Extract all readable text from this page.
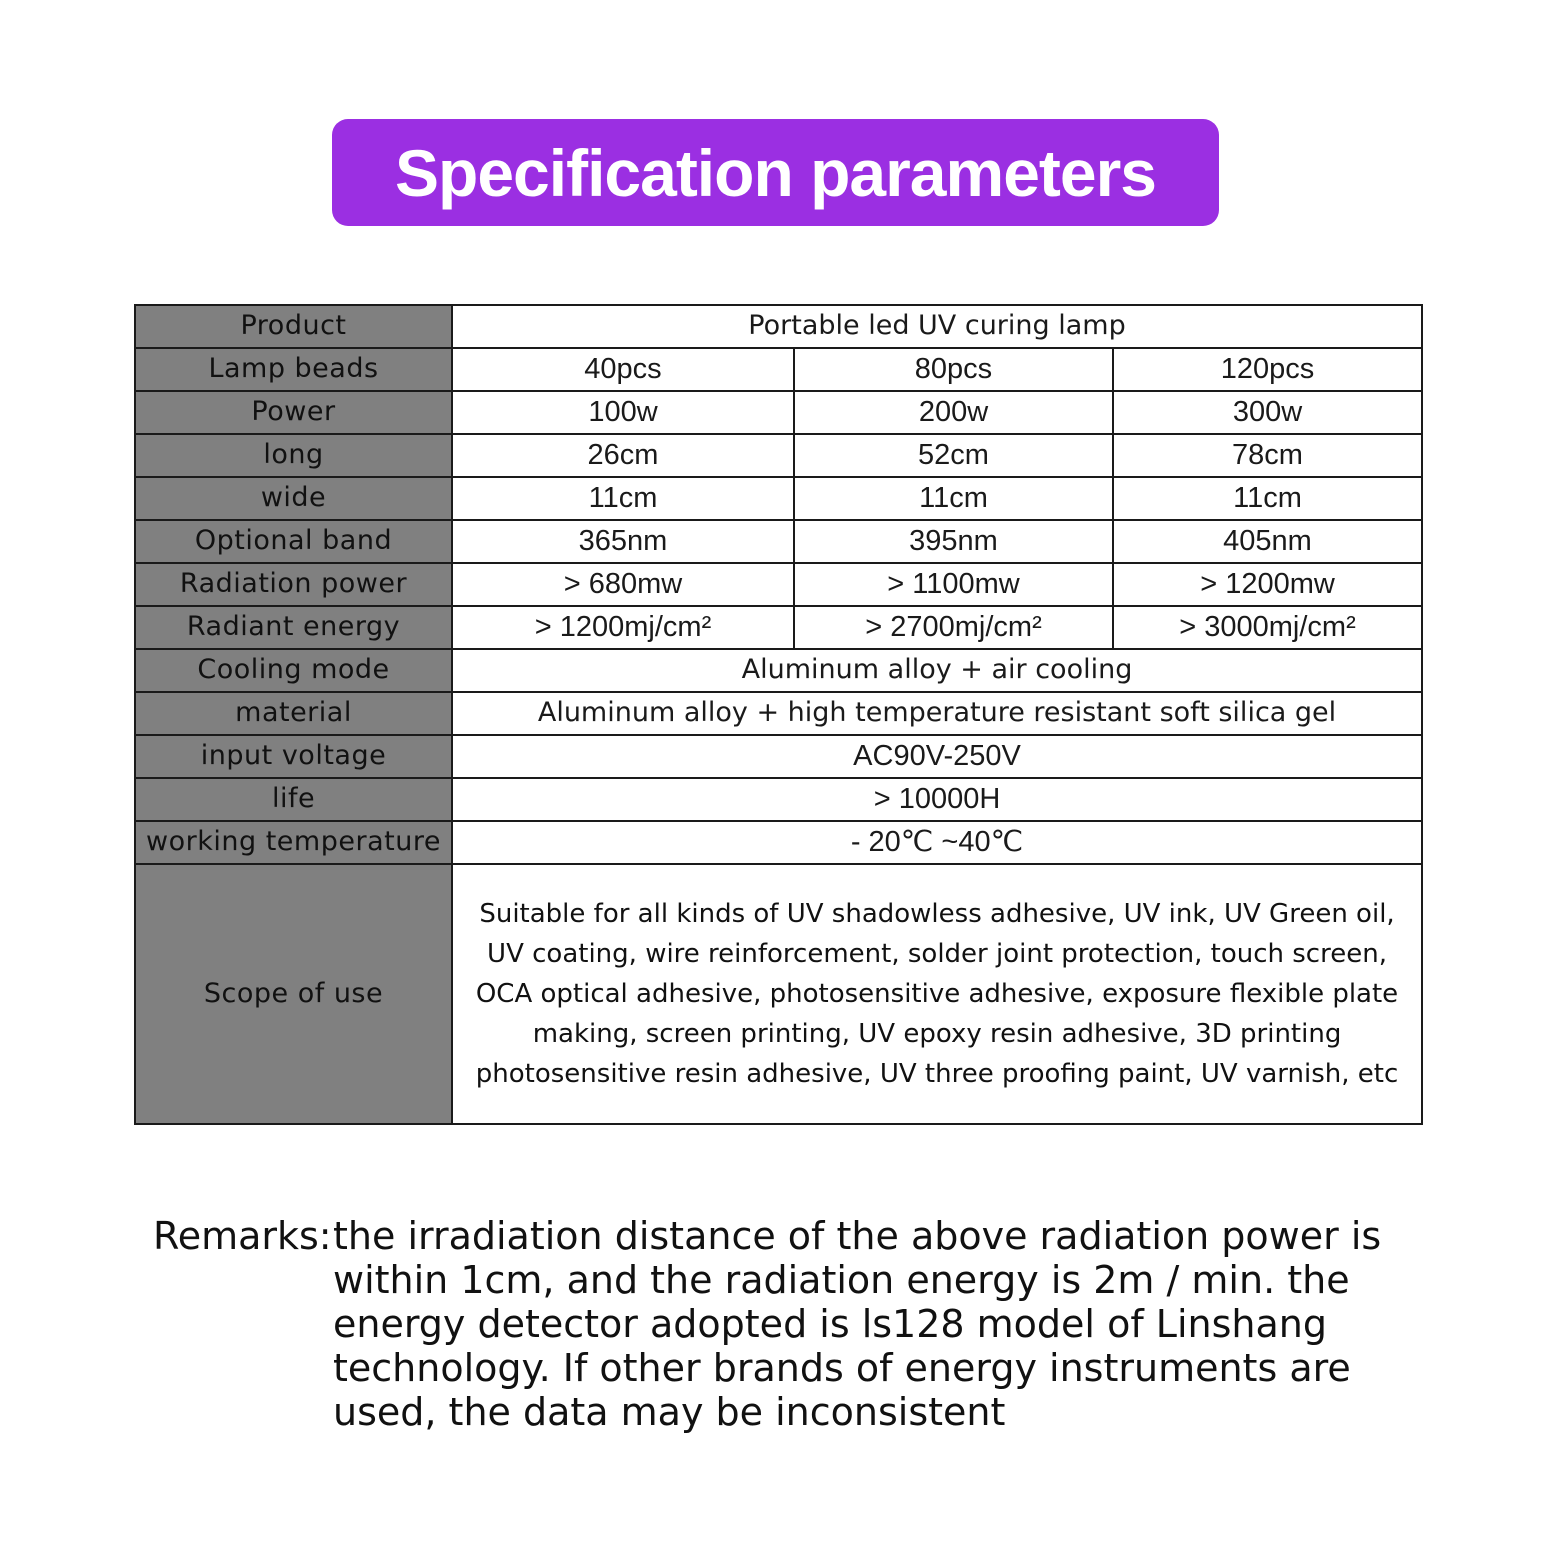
Specification parameters
Product	Portable led UV curing lamp		
Lamp beads	40pcs	80pcs	120pcs
Power	100w	200w	300w
long	26cm	52cm	78cm
wide	11cm	11cm	11cm
Optional band	365nm	395nm	405nm
Radiation power	> 680mw	> 1100mw	> 1200mw
Radiant energy	> 1200mj/cm²	> 2700mj/cm²	> 3000mj/cm²
Cooling mode	Aluminum alloy + air cooling		
material	Aluminum alloy + high temperature resistant soft silica gel		
input voltage	AC90V-250V		
life	> 10000H		
working temperature	- 20℃ ~40℃		
Scope of use	Suitable for all kinds of UV shadowless adhesive, UV ink, UV Green oil, UV coating, wire reinforcement, solder joint protection, touch screen, OCA optical adhesive, photosensitive adhesive, exposure flexible plate making, screen printing, UV epoxy resin adhesive, 3D printing photosensitive resin adhesive, UV three proofing paint, UV varnish, etc		
Remarks: the irradiation distance of the above radiation power is within 1cm, and the radiation energy is 2m / min. the energy detector adopted is ls128 model of Linshang technology. If other brands of energy instruments are used, the data may be inconsistent
